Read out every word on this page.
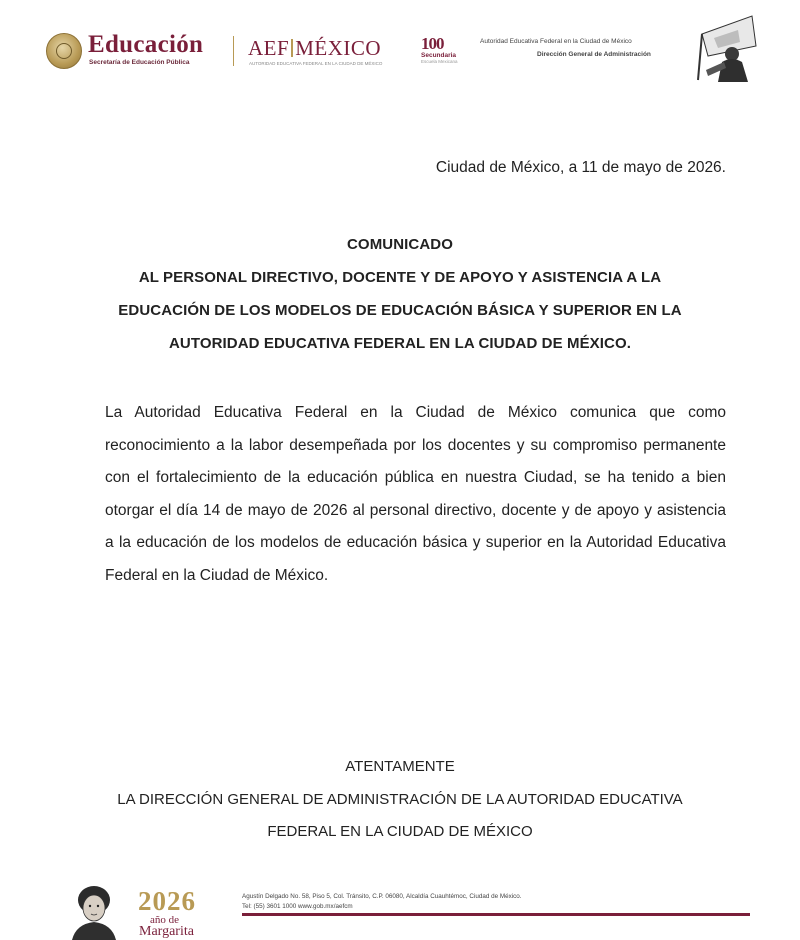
Educación
Secretaría de Educación Pública
AEF MÉXICO
AUTORIDAD EDUCATIVA FEDERAL EN LA CIUDAD DE MÉXICO
100
Secundaria
Escuela Mexicana
Autoridad Educativa Federal en la Ciudad de México
Dirección General de Administración
Ciudad de México, a 11 de mayo de 2026.
COMUNICADO
AL PERSONAL DIRECTIVO, DOCENTE Y DE APOYO Y ASISTENCIA A LA
EDUCACIÓN DE LOS MODELOS DE EDUCACIÓN BÁSICA Y SUPERIOR EN LA
AUTORIDAD EDUCATIVA FEDERAL EN LA CIUDAD DE MÉXICO.
La Autoridad Educativa Federal en la Ciudad de México comunica que como reconocimiento a la labor desempeñada por los docentes y su compromiso permanente con el fortalecimiento de la educación pública en nuestra Ciudad, se ha tenido a bien otorgar el día 14 de mayo de 2026 al personal directivo, docente y de apoyo y asistencia a la educación de los modelos de educación básica y superior en la Autoridad Educativa Federal en la Ciudad de México.
ATENTAMENTE
LA DIRECCIÓN GENERAL DE ADMINISTRACIÓN DE LA AUTORIDAD EDUCATIVA
FEDERAL EN LA CIUDAD DE MÉXICO
2026
año de
Margarita
Agustín Delgado No. 58, Piso 5, Col. Tránsito, C.P. 06080, Alcaldía Cuauhtémoc, Ciudad de México.
Tel: (55) 3601 1000 www.gob.mx/aefcm
